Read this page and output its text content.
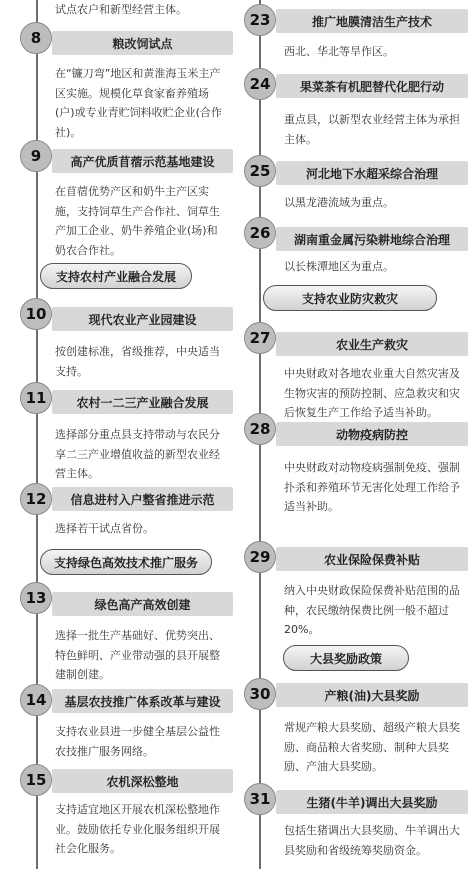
试点农户和新型经营主体。
8	粮改饲试点
在“镰刀弯”地区和黄淮海玉米主产区实施。规模化草食家畜养殖场(户)或专业青贮饲料收贮企业(合作社)。
9	高产优质苜蓿示范基地建设
在苜蓿优势产区和奶牛主产区实施，支持饲草生产合作社、饲草生产加工企业、奶牛养殖企业(场)和奶农合作社。
支持农村产业融合发展
10	现代农业产业园建设
按创建标准，省级推荐，中央适当支持。
11	农村一二三产业融合发展
选择部分重点县支持带动与农民分享二三产业增值收益的新型农业经营主体。
12	信息进村入户整省推进示范
选择若干试点省份。
支持绿色高效技术推广服务
13	绿色高产高效创建
选择一批生产基础好、优势突出、特色鲜明、产业带动强的县开展整建制创建。
14	基层农技推广体系改革与建设
支持农业县进一步健全基层公益性农技推广服务网络。
15	农机深松整地
支持适宜地区开展农机深松整地作业。鼓励依托专业化服务组织开展社会化服务。
23	推广地膜清洁生产技术
西北、华北等旱作区。
24	果菜茶有机肥替代化肥行动
重点县，以新型农业经营主体为承担主体。
25	河北地下水超采综合治理
以黑龙港流域为重点。
26	湖南重金属污染耕地综合治理
以长株潭地区为重点。
支持农业防灾救灾
27	农业生产救灾
中央财政对各地农业重大自然灾害及生物灾害的预防控制、应急救灾和灾后恢复生产工作给予适当补助。
28	动物疫病防控
中央财政对动物疫病强制免疫、强制扑杀和养殖环节无害化处理工作给予适当补助。
29	农业保险保费补贴
纳入中央财政保险保费补贴范围的品种，农民缴纳保费比例一般不超过20%。
大县奖励政策
30	产粮(油)大县奖励
常规产粮大县奖励、超级产粮大县奖励、商品粮大省奖励、制种大县奖励、产油大县奖励。
31	生猪(牛羊)调出大县奖励
包括生猪调出大县奖励、牛羊调出大县奖励和省级统筹奖励资金。
